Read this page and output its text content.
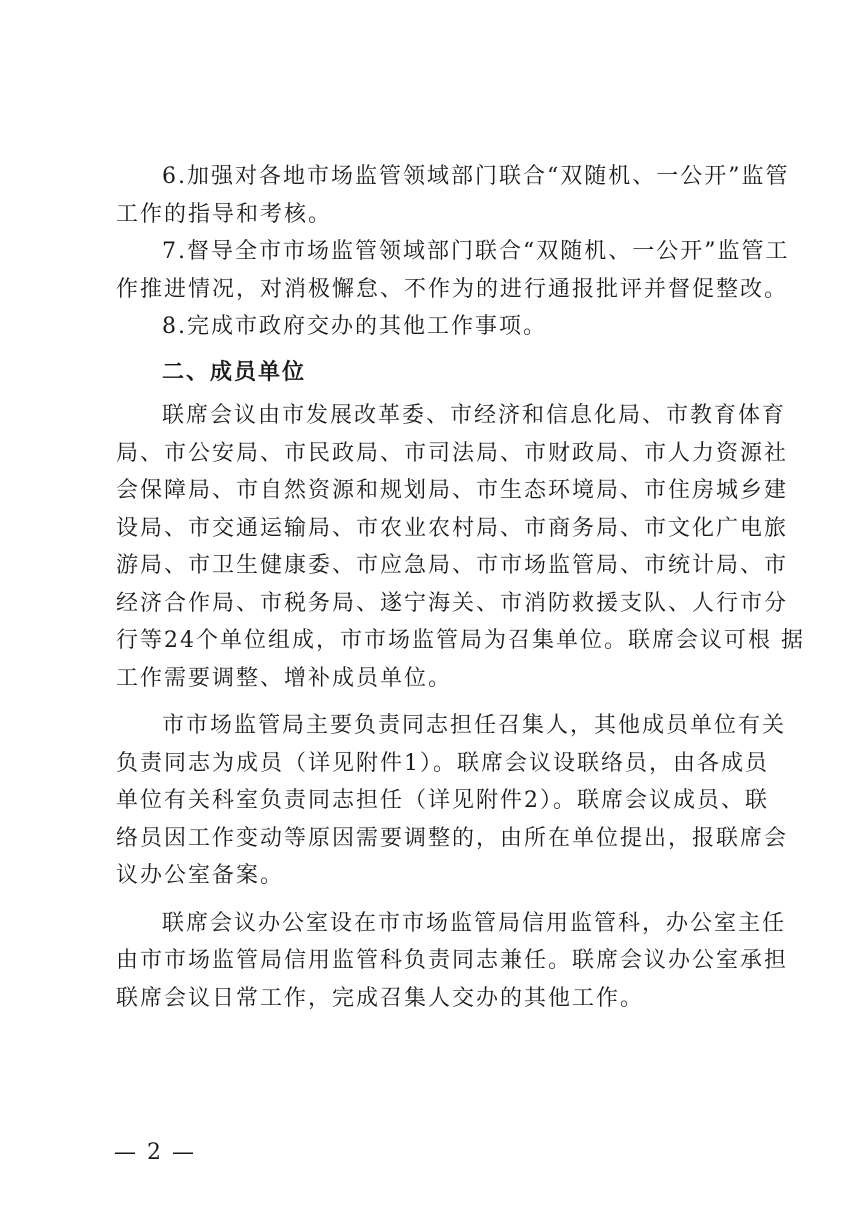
6.加强对各地市场监管领域部门联合“双随机、一公开”监管
工作的指导和考核。
7.督导全市市场监管领域部门联合“双随机、一公开”监管工
作推进情况，对消极懈怠、不作为的进行通报批评并督促整改。
8.完成市政府交办的其他工作事项。
二、成员单位
联席会议由市发展改革委、市经济和信息化局、市教育体育
局、市公安局、市民政局、市司法局、市财政局、市人力资源社
会保障局、市自然资源和规划局、市生态环境局、市住房城乡建
设局、市交通运输局、市农业农村局、市商务局、市文化广电旅
游局、市卫生健康委、市应急局、市市场监管局、市统计局、市
经济合作局、市税务局、遂宁海关、市消防救援支队、人行市分
行等24个单位组成，市市场监管局为召集单位。联席会议可根 据
工作需要调整、增补成员单位。
市市场监管局主要负责同志担任召集人，其他成员单位有关
负责同志为成员（详见附件1）。联席会议设联络员，由各成员
单位有关科室负责同志担任（详见附件2）。联席会议成员、联
络员因工作变动等原因需要调整的，由所在单位提出，报联席会
议办公室备案。
联席会议办公室设在市市场监管局信用监管科，办公室主任
由市市场监管局信用监管科负责同志兼任。联席会议办公室承担
联席会议日常工作，完成召集人交办的其他工作。
— 2 —
